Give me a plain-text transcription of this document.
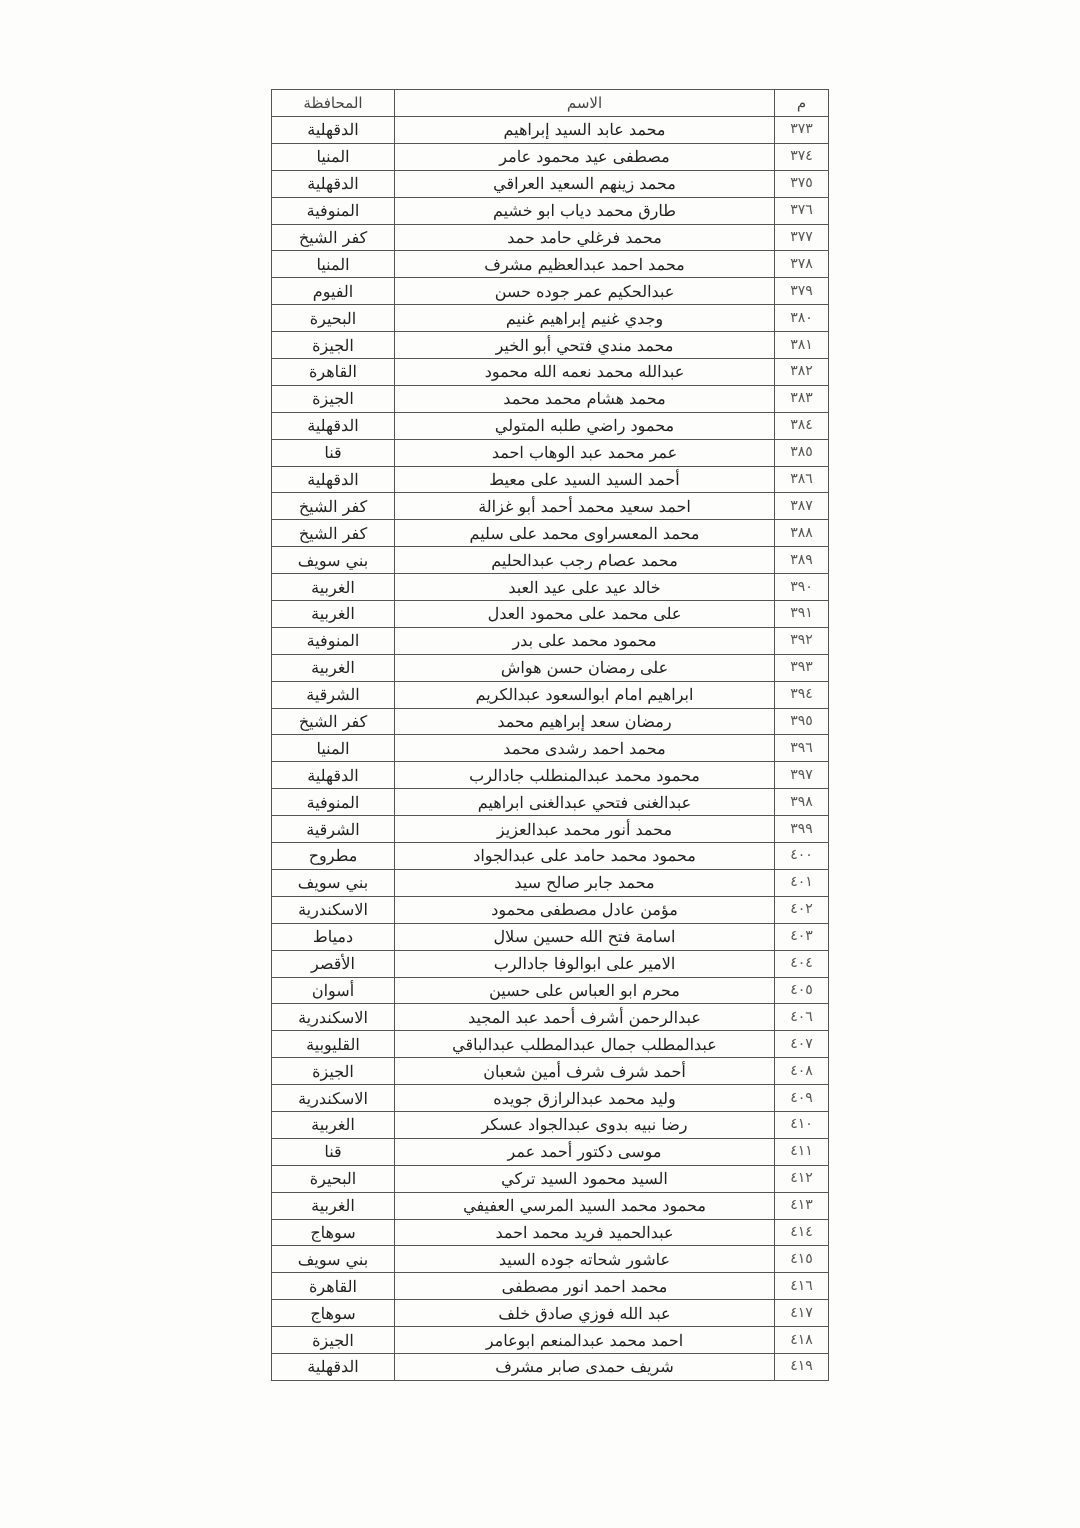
م	الاسم	المحافظة
٣٧٣	محمد عابد السيد إبراهيم	الدقهلية
٣٧٤	مصطفى عيد محمود عامر	المنيا
٣٧٥	محمد زينهم السعيد العراقي	الدقهلية
٣٧٦	طارق محمد دياب ابو خشيم	المنوفية
٣٧٧	محمد فرغلي حامد حمد	كفر الشيخ
٣٧٨	محمد احمد عبدالعظيم مشرف	المنيا
٣٧٩	عبدالحكيم عمر جوده حسن	الفيوم
٣٨٠	وجدي غنيم إبراهيم غنيم	البحيرة
٣٨١	محمد مندي فتحي أبو الخير	الجيزة
٣٨٢	عبدالله محمد نعمه الله محمود	القاهرة
٣٨٣	محمد هشام محمد محمد	الجيزة
٣٨٤	محمود راضي طلبه المتولي	الدقهلية
٣٨٥	عمر محمد عبد الوهاب احمد	قنا
٣٨٦	أحمد السيد السيد على معيط	الدقهلية
٣٨٧	احمد سعيد محمد أحمد أبو غزالة	كفر الشيخ
٣٨٨	محمد المعسراوى محمد على سليم	كفر الشيخ
٣٨٩	محمد عصام رجب عبدالحليم	بني سويف
٣٩٠	خالد عيد على عيد العبد	الغربية
٣٩١	على محمد على محمود العدل	الغربية
٣٩٢	محمود محمد على بدر	المنوفية
٣٩٣	على رمضان حسن هواش	الغربية
٣٩٤	ابراهيم امام ابوالسعود عبدالكريم	الشرقية
٣٩٥	رمضان سعد إبراهيم محمد	كفر الشيخ
٣٩٦	محمد احمد رشدى محمد	المنيا
٣٩٧	محمود محمد عبدالمنطلب جادالرب	الدقهلية
٣٩٨	عبدالغنى فتحي عبدالغنى ابراهيم	المنوفية
٣٩٩	محمد أنور محمد عبدالعزيز	الشرقية
٤٠٠	محمود محمد حامد على عبدالجواد	مطروح
٤٠١	محمد جابر صالح سيد	بني سويف
٤٠٢	مؤمن عادل مصطفى محمود	الاسكندرية
٤٠٣	اسامة فتح الله حسين سلال	دمياط
٤٠٤	الامير على ابوالوفا جادالرب	الأقصر
٤٠٥	محرم ابو العباس على حسين	أسوان
٤٠٦	عبدالرحمن أشرف أحمد عبد المجيد	الاسكندرية
٤٠٧	عبدالمطلب جمال عبدالمطلب عبدالباقي	القليوبية
٤٠٨	أحمد شرف شرف أمين شعبان	الجيزة
٤٠٩	وليد محمد عبدالرازق جويده	الاسكندرية
٤١٠	رضا نبيه بدوى عبدالجواد عسكر	الغربية
٤١١	موسى دكتور أحمد عمر	قنا
٤١٢	السيد محمود السيد تركي	البحيرة
٤١٣	محمود محمد السيد المرسي العفيفي	الغربية
٤١٤	عبدالحميد فريد محمد احمد	سوهاج
٤١٥	عاشور شحاته جوده السيد	بني سويف
٤١٦	محمد احمد انور مصطفى	القاهرة
٤١٧	عبد الله فوزي صادق خلف	سوهاج
٤١٨	احمد محمد عبدالمنعم ابوعامر	الجيزة
٤١٩	شريف حمدى صابر مشرف	الدقهلية
